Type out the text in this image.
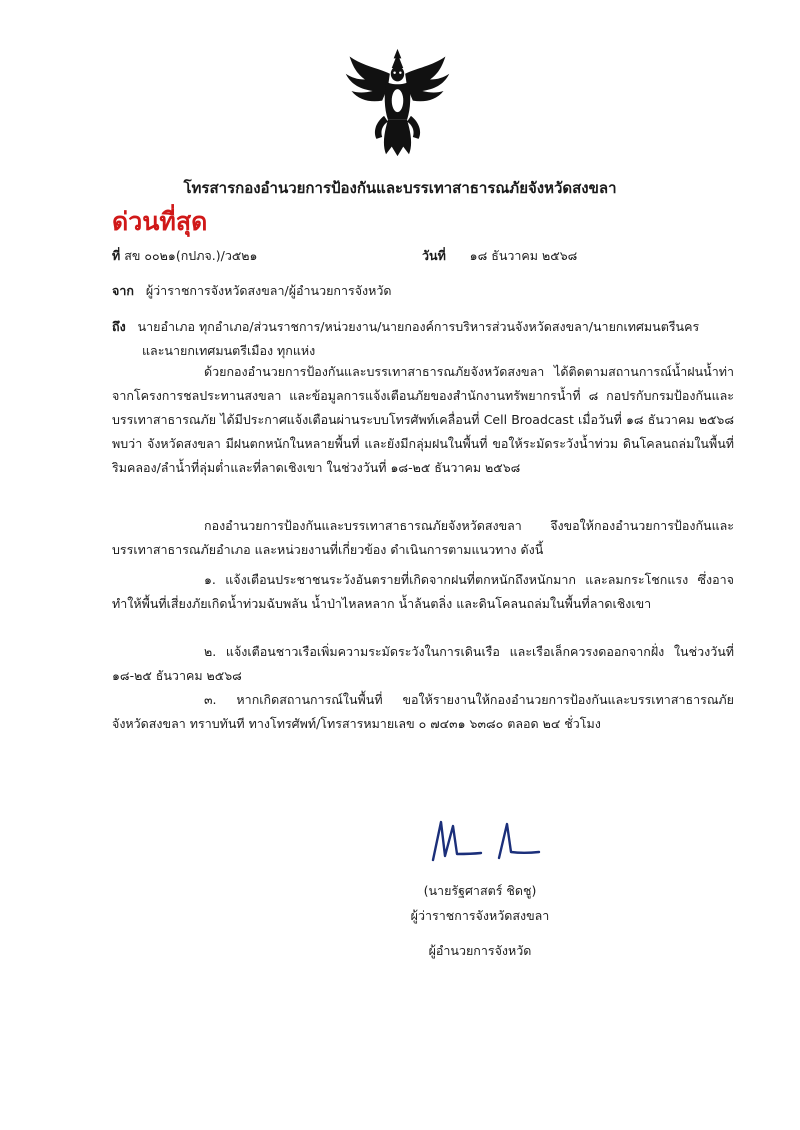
โทรสารกองอำนวยการป้องกันและบรรเทาสาธารณภัยจังหวัดสงขลา
ด่วนที่สุด
ที่ สข ๐๐๒๑(กปภจ.)/ว๕๒๑	วันที่ ๑๘ ธันวาคม ๒๕๖๘
จาก ผู้ว่าราชการจังหวัดสงขลา/ผู้อำนวยการจังหวัด
ถึง นายอำเภอ ทุกอำเภอ/ส่วนราชการ/หน่วยงาน/นายกองค์การบริหารส่วนจังหวัดสงขลา/นายกเทศมนตรีนคร
และนายกเทศมนตรีเมือง ทุกแห่ง
ด้วยกองอำนวยการป้องกันและบรรเทาสาธารณภัยจังหวัดสงขลา ได้ติดตามสถานการณ์น้ำฝนน้ำท่าจากโครงการชลประทานสงขลา และข้อมูลการแจ้งเตือนภัยของสำนักงานทรัพยากรน้ำที่ ๘ กอปรกับกรมป้องกันและบรรเทาสาธารณภัย ได้มีประกาศแจ้งเตือนผ่านระบบโทรศัพท์เคลื่อนที่ Cell Broadcast เมื่อวันที่ ๑๘ ธันวาคม ๒๕๖๘ พบว่า จังหวัดสงขลา มีฝนตกหนักในหลายพื้นที่ และยังมีกลุ่มฝนในพื้นที่ ขอให้ระมัดระวังน้ำท่วม ดินโคลนถล่มในพื้นที่ริมคลอง/ลำน้ำที่ลุ่มต่ำและที่ลาดเชิงเขา ในช่วงวันที่ ๑๘-๒๕ ธันวาคม ๒๕๖๘
กองอำนวยการป้องกันและบรรเทาสาธารณภัยจังหวัดสงขลา จึงขอให้กองอำนวยการป้องกันและบรรเทาสาธารณภัยอำเภอ และหน่วยงานที่เกี่ยวข้อง ดำเนินการตามแนวทาง ดังนี้
๑. แจ้งเตือนประชาชนระวังอันตรายที่เกิดจากฝนที่ตกหนักถึงหนักมาก และลมกระโชกแรง ซึ่งอาจทำให้พื้นที่เสี่ยงภัยเกิดน้ำท่วมฉับพลัน น้ำป่าไหลหลาก น้ำล้นตลิ่ง และดินโคลนถล่มในพื้นที่ลาดเชิงเขา
๒. แจ้งเตือนชาวเรือเพิ่มความระมัดระวังในการเดินเรือ และเรือเล็กควรงดออกจากฝั่ง ในช่วงวันที่ ๑๘-๒๕ ธันวาคม ๒๕๖๘
๓. หากเกิดสถานการณ์ในพื้นที่ ขอให้รายงานให้กองอำนวยการป้องกันและบรรเทาสาธารณภัยจังหวัดสงขลา ทราบทันที ทางโทรศัพท์/โทรสารหมายเลข ๐ ๗๔๓๑ ๖๓๘๐ ตลอด ๒๔ ชั่วโมง
(นายรัฐศาสตร์ ชิดชู)
ผู้ว่าราชการจังหวัดสงขลา
ผู้อำนวยการจังหวัด
